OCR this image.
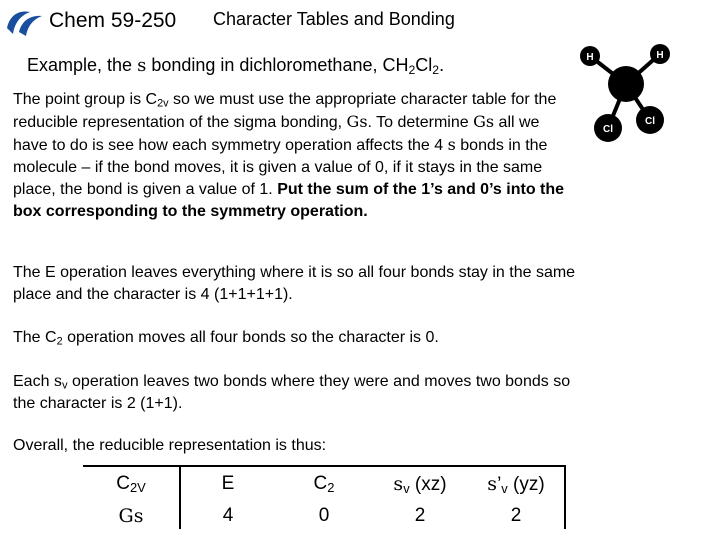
Chem 59-250 Character Tables and Bonding
Example, the s bonding in dichloromethane, $CH_2Cl_2$.
The point group is $C_{2v}$ so we must use the appropriate character table for the reducible representation of the sigma bonding, Gs. To determine Gs all we have to do is see how each symmetry operation affects the 4 s bonds in the molecule – if the bond moves, it is given a value of 0, if it stays in the same place, the bond is given a value of 1. Put the sum of the 1’s and 0’s into the box corresponding to the symmetry operation.
The E operation leaves everything where it is so all four bonds stay in the same place and the character is 4 (1+1+1+1).
The $C_2$ operation moves all four bonds so the character is 0.
Each $s_v$ operation leaves two bonds where they were and moves two bonds so the character is 2 (1+1).
Overall, the reducible representation is thus:
H	H
Cl
Cl
$C_{2V}$	E	$C_2$	$s_v$ (xz)	$s’_v$ (yz)
Gs	4	0	2	2
